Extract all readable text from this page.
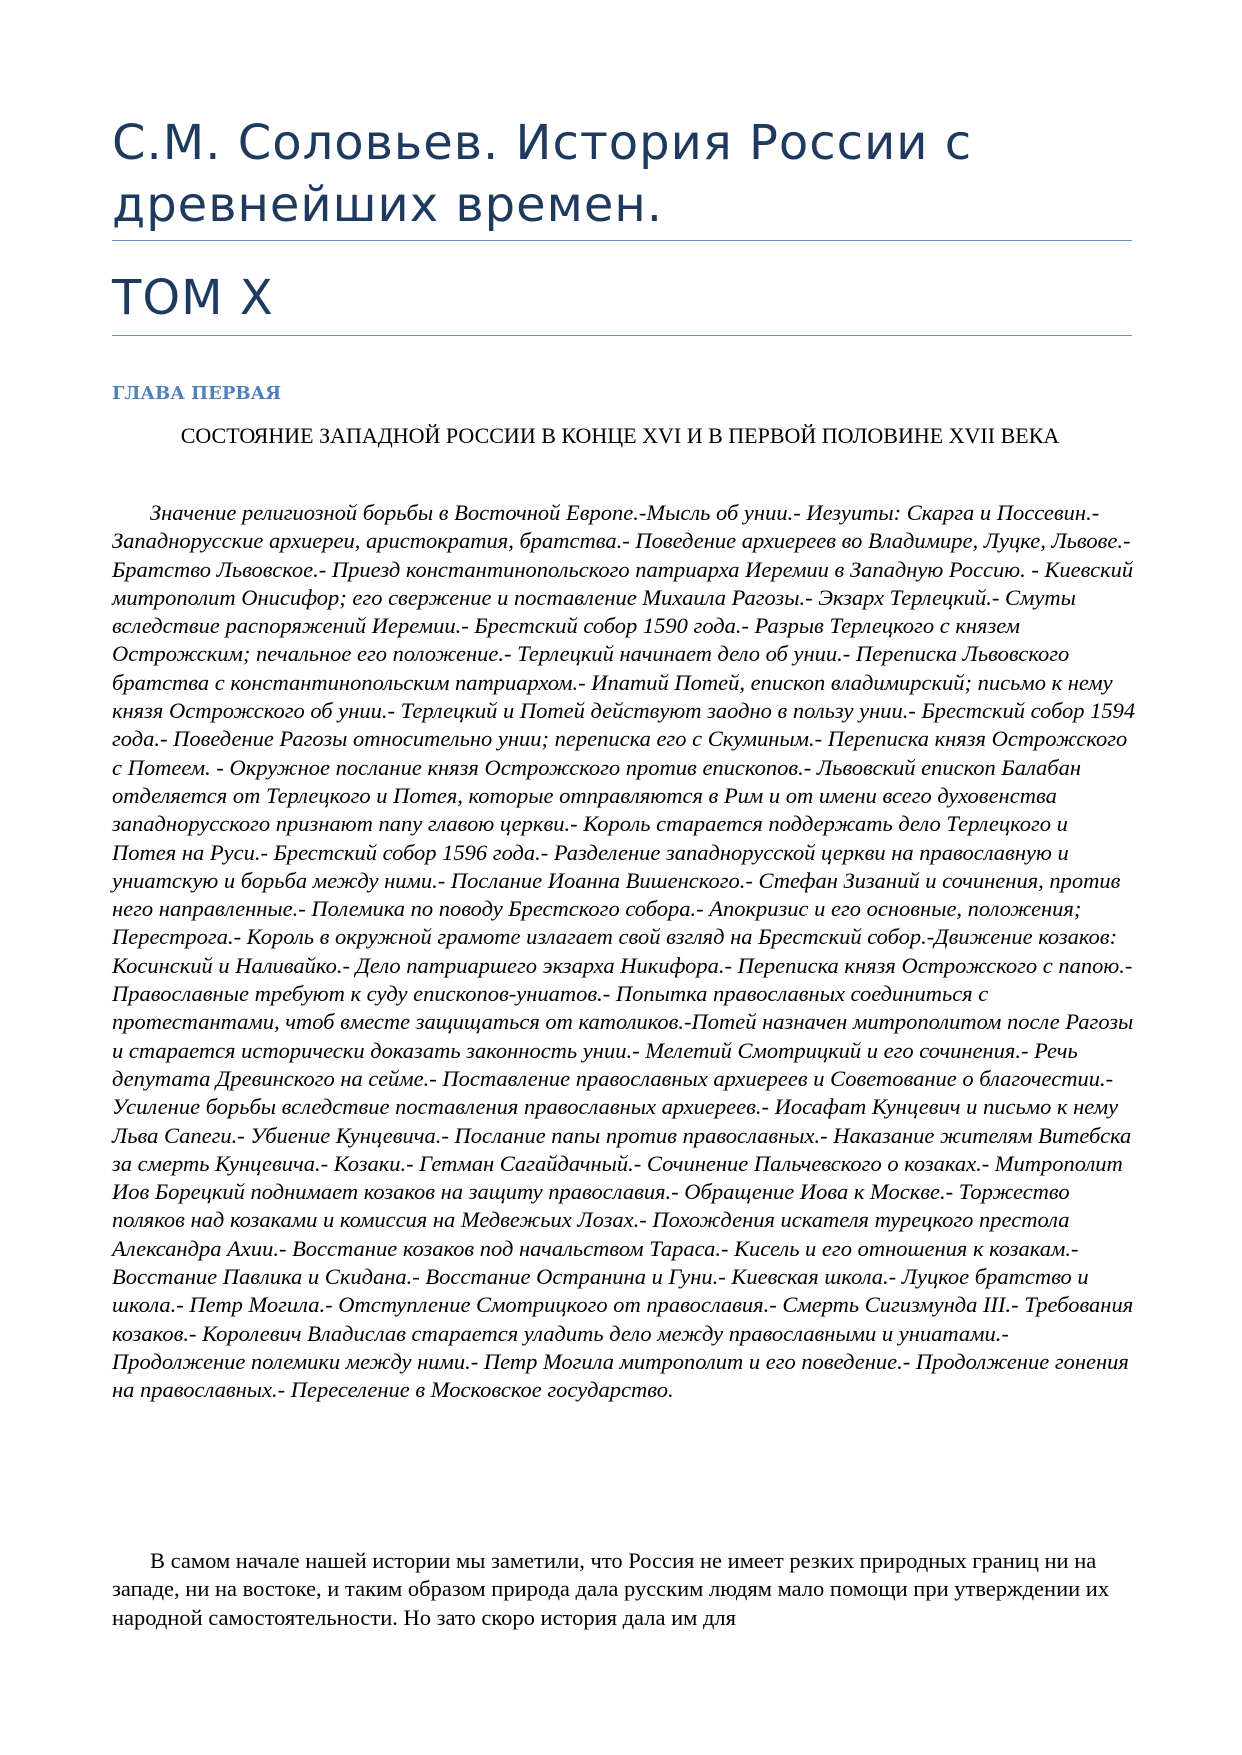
С.М. Соловьев. История России с древнейших времен.
ТОМ Х
ГЛАВА ПЕРВАЯ
СОСТОЯНИЕ ЗАПАДНОЙ РОССИИ В КОНЦЕ XVI И В ПЕРВОЙ ПОЛОВИНЕ XVII ВЕКА

Значение религиозной борьбы в Восточной Европе.-Мысль об унии.- Иезуиты: Скарга и Поссевин.- Западнорусские архиереи, аристократия, братства.- Поведение архиереев во Владимире, Луцке, Львове.- Братство Львовское.- Приезд константинопольского патриарха Иеремии в Западную Россию. - Киевский митрополит Онисифор; его свержение и поставление Михаила Рагозы.- Экзарх Терлецкий.- Смуты вследствие распоряжений Иеремии.- Брестский собор 1590 года.- Разрыв Терлецкого с князем Острожским; печальное его положение.- Терлецкий начинает дело об унии.- Переписка Львовского братства с константинопольским патриархом.- Ипатий Потей, епископ владимирский; письмо к нему князя Острожского об унии.- Терлецкий и Потей действуют заодно в пользу унии.- Брестский собор 1594 года.- Поведение Рагозы относительно унии; переписка его с Скуминым.- Переписка князя Острожского с Потеем. - Окружное послание князя Острожского против епископов.- Львовский епископ Балабан отделяется от Терлецкого и Потея, которые отправляются в Рим и от имени всего духовенства западнорусского признают папу главою церкви.- Король старается поддержать дело Терлецкого и Потея на Руси.- Брестский собор 1596 года.- Разделение западнорусской церкви на православную и униатскую и борьба между ними.- Послание Иоанна Вишенского.- Стефан Зизаний и сочинения, против него направленные.- Полемика по поводу Брестского собора.- Апокризис и его основные, положения; Перестрога.- Король в окружной грамоте излагает свой взгляд на Брестский собор.-Движение козаков: Косинский и Наливайко.- Дело патриаршего экзарха Никифора.- Переписка князя Острожского с папою.- Православные требуют к суду епископов-униатов.- Попытка православных соединиться с протестантами, чтоб вместе защищаться от католиков.-Потей назначен митрополитом после Рагозы и старается исторически доказать законность унии.- Мелетий Смотрицкий и его сочинения.- Речь депутата Древинского на сейме.- Поставление православных архиереев и Советование о благочестии.- Усиление борьбы вследствие поставления православных архиереев.- Иосафат Кунцевич и письмо к нему Льва Сапеги.- Убиение Кунцевича.- Послание папы против православных.- Наказание жителям Витебска за смерть Кунцевича.- Козаки.- Гетман Сагайдачный.- Сочинение Пальчевского о козаках.- Митрополит Иов Борецкий поднимает козаков на защиту православия.- Обращение Иова к Москве.- Торжество поляков над козаками и комиссия на Медвежьих Лозах.- Похождения искателя турецкого престола Александра Ахии.- Восстание козаков под начальством Тараса.- Кисель и его отношения к козакам.- Восстание Павлика и Скидана.- Восстание Остранина и Гуни.- Киевская школа.- Луцкое братство и школа.- Петр Могила.- Отступление Смотрицкого от православия.- Смерть Сигизмунда III.- Требования козаков.- Королевич Владислав старается уладить дело между православными и униатами.- Продолжение полемики между ними.- Петр Могила митрополит и его поведение.- Продолжение гонения на православных.- Переселение в Московское государство.

В самом начале нашей истории мы заметили, что Россия не имеет резких природных границ ни на западе, ни на востоке, и таким образом природа дала русским людям мало помощи при утверждении их народной самостоятельности. Но зато скоро история дала им для
